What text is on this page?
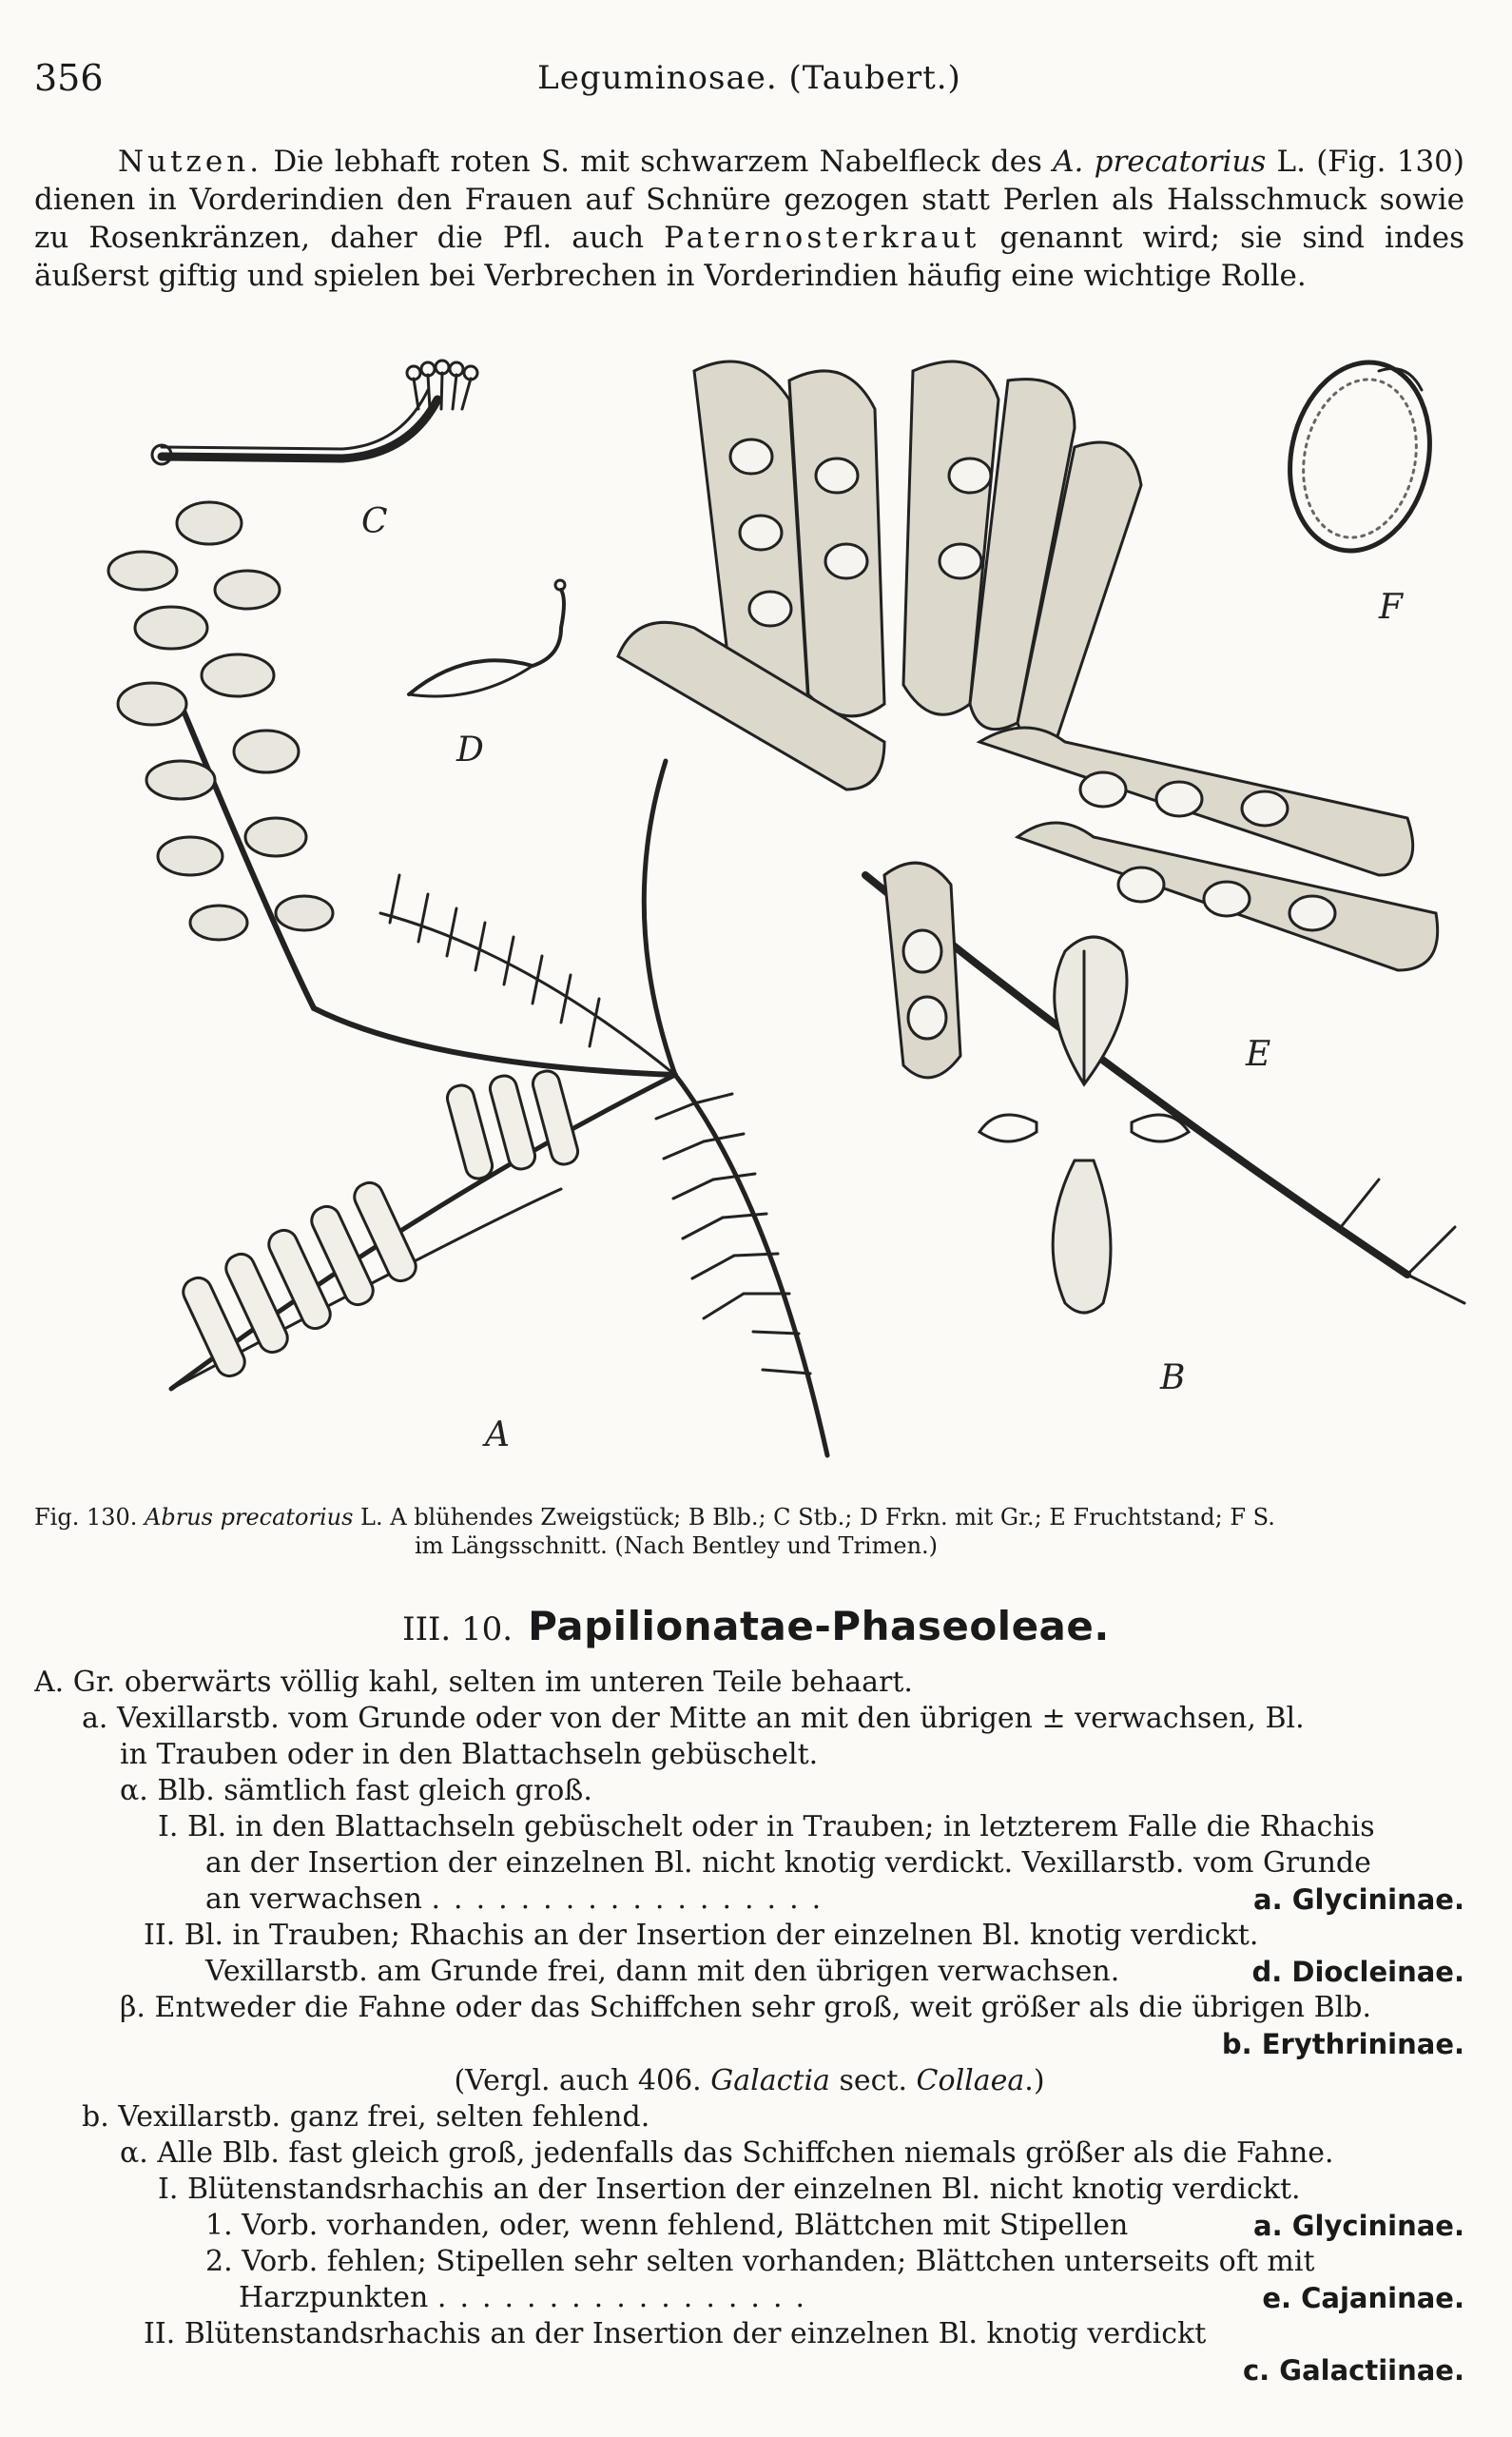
356	Leguminosae. (Taubert.)

Nutzen. Die lebhaft roten S. mit schwarzem Nabelfleck des A. precatorius L. (Fig. 130) dienen in Vorderindien den Frauen auf Schnüre gezogen statt Perlen als Halsschmuck sowie zu Rosenkränzen, daher die Pfl. auch Paternosterkraut genannt wird; sie sind indes äußerst giftig und spielen bei Verbrechen in Vorderindien häufig eine wichtige Rolle.

C
D
F
E
B
A
Fig. 130. Abrus precatorius L. A blühendes Zweigstück; B Blb.; C Stb.; D Frkn. mit Gr.; E Fruchtstand; F S.
im Längsschnitt. (Nach Bentley und Trimen.)
III. 10. Papilionatae-Phaseoleae.
A. Gr. oberwärts völlig kahl, selten im unteren Teile behaart.
a. Vexillarstb. vom Grunde oder von der Mitte an mit den übrigen ± verwachsen, Bl.
in Trauben oder in den Blattachseln gebüschelt.
α. Blb. sämtlich fast gleich groß.
I. Bl. in den Blattachseln gebüschelt oder in Trauben; in letzterem Falle die Rhachis
an der Insertion der einzelnen Bl. nicht knotig verdickt. Vexillarstb. vom Grunde
an verwachsen ..................	a. Glycininae.
II. Bl. in Trauben; Rhachis an der Insertion der einzelnen Bl. knotig verdickt.
Vexillarstb. am Grunde frei, dann mit den übrigen verwachsen.	d. Diocleinae.
β. Entweder die Fahne oder das Schiffchen sehr groß, weit größer als die übrigen Blb.
b. Erythrininae.
(Vergl. auch 406. Galactia sect. Collaea.)
b. Vexillarstb. ganz frei, selten fehlend.
α. Alle Blb. fast gleich groß, jedenfalls das Schiffchen niemals größer als die Fahne.
I. Blütenstandsrhachis an der Insertion der einzelnen Bl. nicht knotig verdickt.
1. Vorb. vorhanden, oder, wenn fehlend, Blättchen mit Stipellen	a. Glycininae.
2. Vorb. fehlen; Stipellen sehr selten vorhanden; Blättchen unterseits oft mit
Harzpunkten .................	e. Cajaninae.
II. Blütenstandsrhachis an der Insertion der einzelnen Bl. knotig verdickt
c. Galactiinae.
